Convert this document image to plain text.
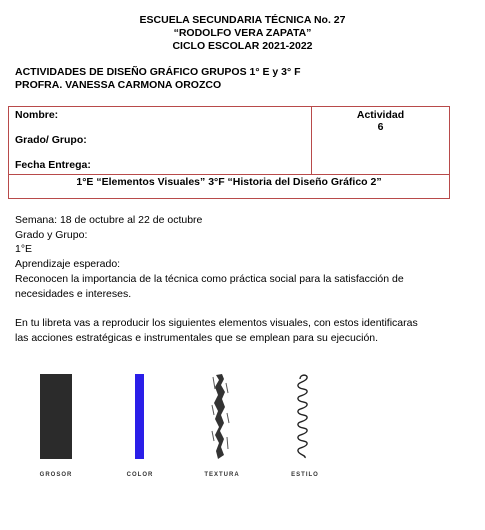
ESCUELA SECUNDARIA TÉCNICA No. 27
“RODOLFO VERA ZAPATA”
CICLO ESCOLAR 2021-2022
ACTIVIDADES DE DISEÑO GRÁFICO GRUPOS 1° E y 3° F
PROFRA. VANESSA CARMONA OROZCO
Nombre:
Grado/ Grupo:
Fecha Entrega:
Actividad
6
1°E “Elementos Visuales” 3°F “Historia del Diseño Gráfico 2”
Semana: 18 de octubre al 22 de octubre
Grado y Grupo:
1°E
Aprendizaje esperado:
Reconocen la importancia de la técnica como práctica social para la satisfacción de
necesidades e intereses.
En tu libreta vas a reproducir los siguientes elementos visuales, con estos identificaras
las acciones estratégicas e instrumentales que se emplean para su ejecución.
GROSOR	COLOR	TEXTURA	ESTILO
